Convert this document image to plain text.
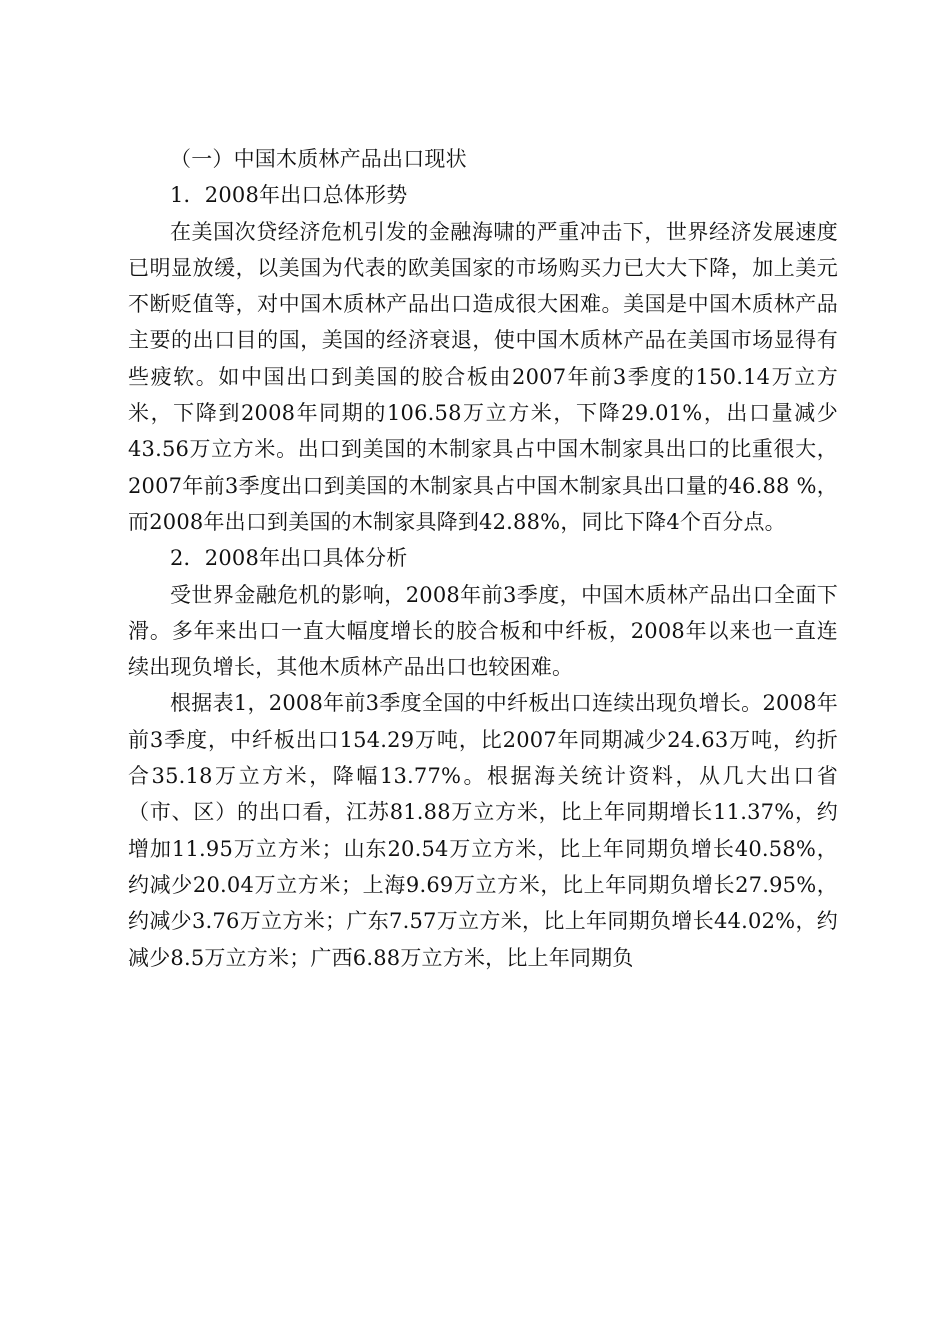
（一）中国木质林产品出口现状

1．2008年出口总体形势

在美国次贷经济危机引发的金融海啸的严重冲击下，世界经济发展速度已明显放缓，以美国为代表的欧美国家的市场购买力已大大下降，加上美元不断贬值等，对中国木质林产品出口造成很大困难。美国是中国木质林产品主要的出口目的国，美国的经济衰退，使中国木质林产品在美国市场显得有些疲软。如中国出口到美国的胶合板由2007年前3季度的150.14万立方米，下降到2008年同期的106.58万立方米，下降29.01%，出口量减少43.56万立方米。出口到美国的木制家具占中国木制家具出口的比重很大，2007年前3季度出口到美国的木制家具占中国木制家具出口量的46.88 %，而2008年出口到美国的木制家具降到42.88%，同比下降4个百分点。

2．2008年出口具体分析

受世界金融危机的影响，2008年前3季度，中国木质林产品出口全面下滑。多年来出口一直大幅度增长的胶合板和中纤板，2008年以来也一直连续出现负增长，其他木质林产品出口也较困难。

根据表1，2008年前3季度全国的中纤板出口连续出现负增长。2008年前3季度，中纤板出口154.29万吨，比2007年同期减少24.63万吨，约折合35.18万立方米，降幅13.77%。根据海关统计资料，从几大出口省（市、区）的出口看，江苏81.88万立方米，比上年同期增长11.37%，约增加11.95万立方米；山东20.54万立方米，比上年同期负增长40.58%，约减少20.04万立方米；上海9.69万立方米，比上年同期负增长27.95%，约减少3.76万立方米；广东7.57万立方米，比上年同期负增长44.02%，约减少8.5万立方米；广西6.88万立方米，比上年同期负
